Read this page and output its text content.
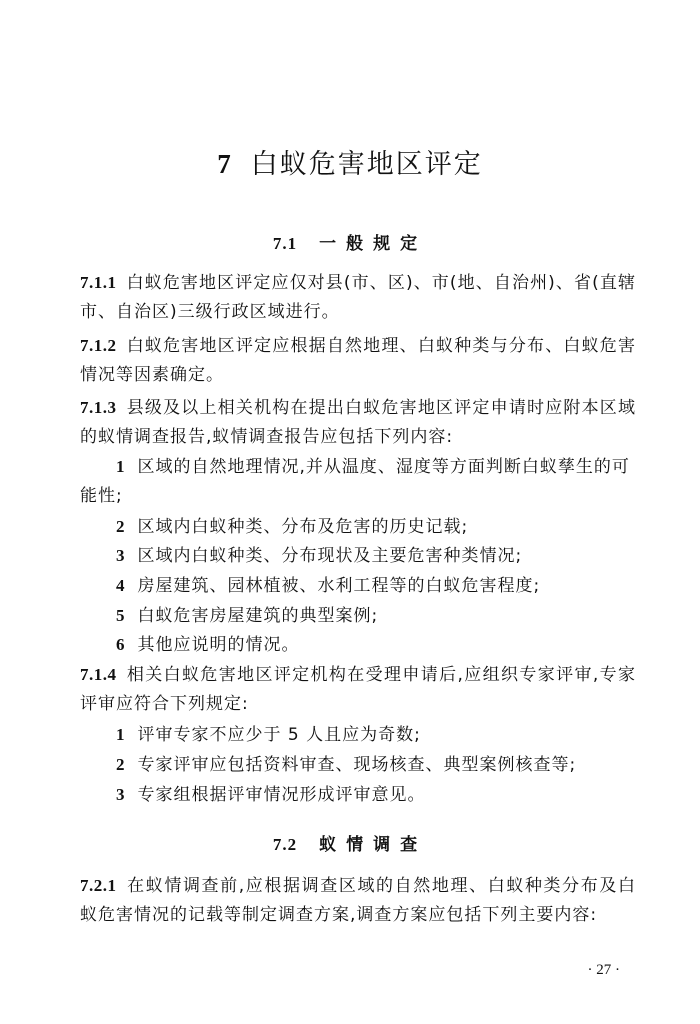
7 白蚁危害地区评定
7.1 一般规定
7.1.1 白蚁危害地区评定应仅对县(市、区)、市(地、自治州)、省(直辖市、自治区)三级行政区域进行。
7.1.2 白蚁危害地区评定应根据自然地理、白蚁种类与分布、白蚁危害情况等因素确定。
7.1.3 县级及以上相关机构在提出白蚁危害地区评定申请时应附本区域的蚁情调查报告,蚁情调查报告应包括下列内容:
1 区域的自然地理情况,并从温度、湿度等方面判断白蚁孳生的可能性;
2 区域内白蚁种类、分布及危害的历史记载;
3 区域内白蚁种类、分布现状及主要危害种类情况;
4 房屋建筑、园林植被、水利工程等的白蚁危害程度;
5 白蚁危害房屋建筑的典型案例;
6 其他应说明的情况。
7.1.4 相关白蚁危害地区评定机构在受理申请后,应组织专家评审,专家评审应符合下列规定:
1 评审专家不应少于 5 人且应为奇数;
2 专家评审应包括资料审查、现场核查、典型案例核查等;
3 专家组根据评审情况形成评审意见。
7.2 蚁情调查
7.2.1 在蚁情调查前,应根据调查区域的自然地理、白蚁种类分布及白蚁危害情况的记载等制定调查方案,调查方案应包括下列主要内容:
· 27 ·
